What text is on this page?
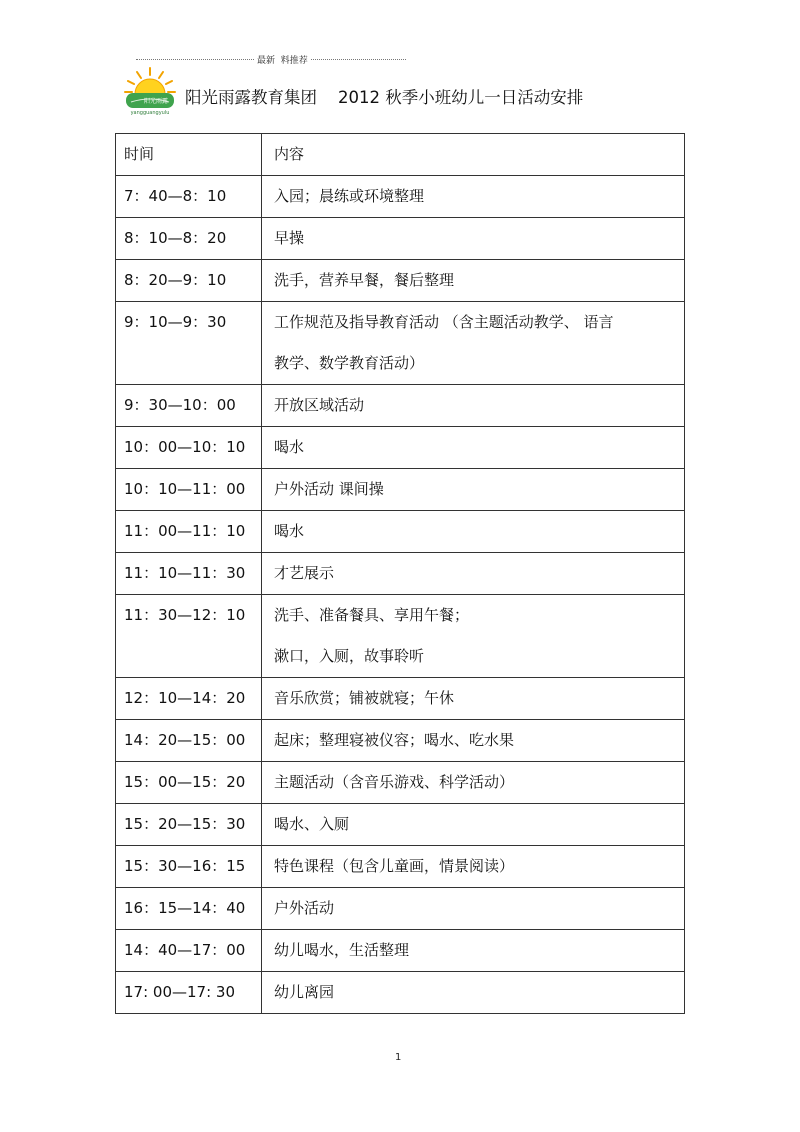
最新  料推荐
阳光雨露
yangguangyulu
阳光雨露教育集团 2012 秋季小班幼儿一日活动安排
时间	内容
7：40—8：10	入园；晨练或环境整理

8：10—8：20	早操

8：20—9：10	洗手，营养早餐，餐后整理

9：10—9：30	工作规范及指导教育活动 （含主题活动教学、 语言
教学、数学教育活动）

9：30—10：00	开放区域活动

10：00—10：10	喝水

10：10—11：00	户外活动 课间操

11：00—11：10	喝水

11：10—11：30	才艺展示

11：30—12：10	洗手、准备餐具、享用午餐；
漱口，入厕，故事聆听

12：10—14：20	音乐欣赏；铺被就寝；午休

14：20—15：00	起床；整理寝被仪容；喝水、吃水果

15：00—15：20	主题活动（含音乐游戏、科学活动）

15：20—15：30	喝水、入厕

15：30—16：15	特色课程（包含儿童画，情景阅读）

16：15—14：40	户外活动

14：40—17：00	幼儿喝水，生活整理

17: 00—17: 30	幼儿离园
1
